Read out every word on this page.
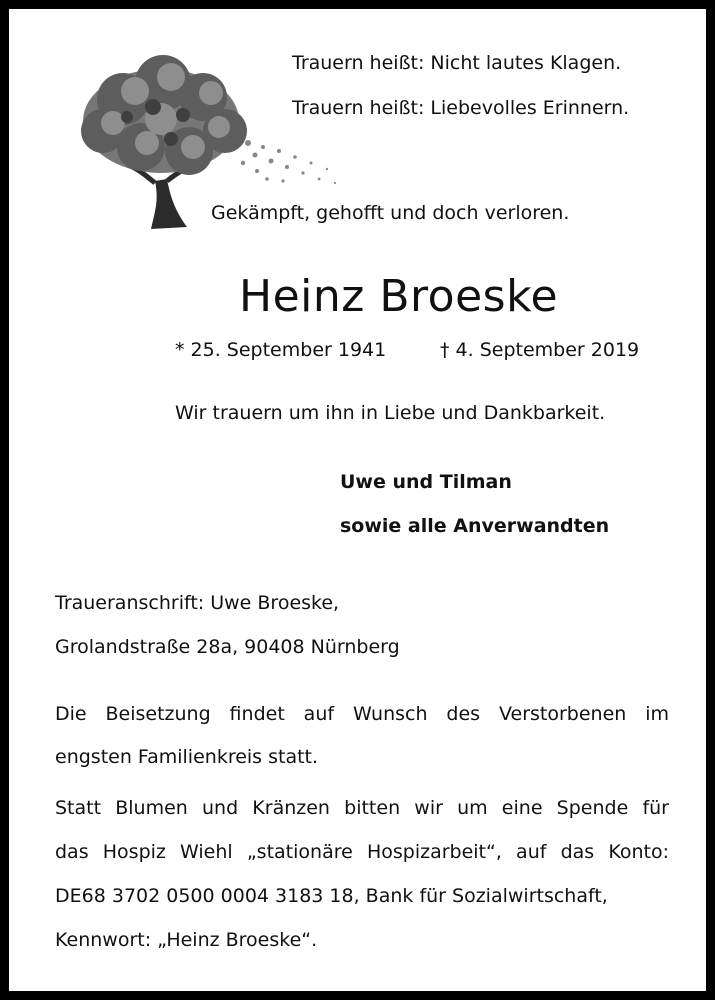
Trauern heißt: Nicht lautes Klagen.
Trauern heißt: Liebevolles Erinnern.
Gekämpft, gehofft und doch verloren.
Heinz Broeske
* 25. September 1941	† 4. September 2019
Wir trauern um ihn in Liebe und Dankbarkeit.
Uwe und Tilman
sowie alle Anverwandten
Traueranschrift: Uwe Broeske,
Grolandstraße 28a, 90408 Nürnberg
Die Beisetzung findet auf Wunsch des Verstorbenen im
engsten Familienkreis statt.
Statt Blumen und Kränzen bitten wir um eine Spende für
das Hospiz Wiehl „stationäre Hospizarbeit“, auf das Konto:
DE68 3702 0500 0004 3183 18, Bank für Sozialwirtschaft,
Kennwort: „Heinz Broeske“.
